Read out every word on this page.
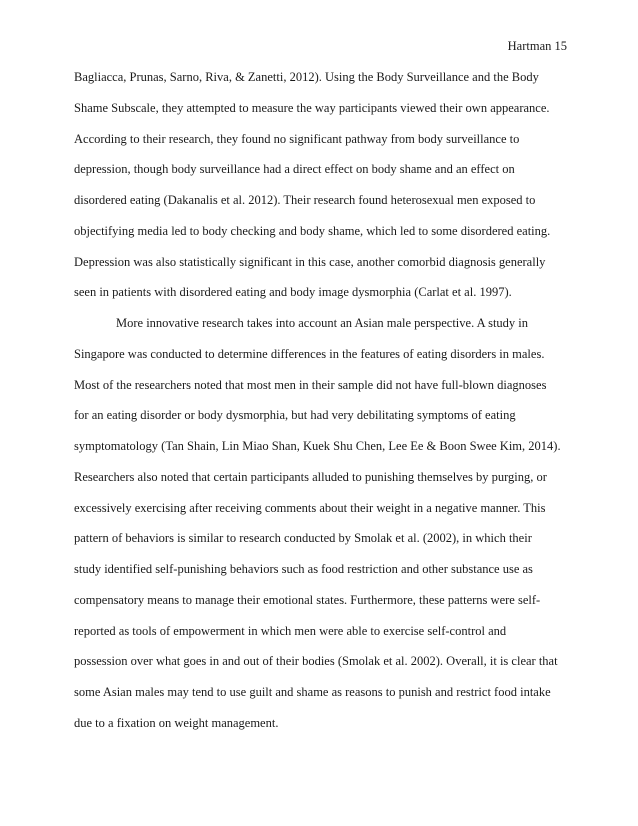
Hartman 15
Bagliacca, Prunas, Sarno, Riva, & Zanetti, 2012). Using the Body Surveillance and the Body
Shame Subscale, they attempted to measure the way participants viewed their own appearance.
According to their research, they found no significant pathway from body surveillance to
depression, though body surveillance had a direct effect on body shame and an effect on
disordered eating (Dakanalis et al. 2012). Their research found heterosexual men exposed to
objectifying media led to body checking and body shame, which led to some disordered eating.
Depression was also statistically significant in this case, another comorbid diagnosis generally
seen in patients with disordered eating and body image dysmorphia (Carlat et al. 1997).
More innovative research takes into account an Asian male perspective. A study in
Singapore was conducted to determine differences in the features of eating disorders in males.
Most of the researchers noted that most men in their sample did not have full-blown diagnoses
for an eating disorder or body dysmorphia, but had very debilitating symptoms of eating
symptomatology (Tan Shain, Lin Miao Shan, Kuek Shu Chen, Lee Ee & Boon Swee Kim, 2014).
Researchers also noted that certain participants alluded to punishing themselves by purging, or
excessively exercising after receiving comments about their weight in a negative manner. This
pattern of behaviors is similar to research conducted by Smolak et al. (2002), in which their
study identified self-punishing behaviors such as food restriction and other substance use as
compensatory means to manage their emotional states. Furthermore, these patterns were self-
reported as tools of empowerment in which men were able to exercise self-control and
possession over what goes in and out of their bodies (Smolak et al. 2002). Overall, it is clear that
some Asian males may tend to use guilt and shame as reasons to punish and restrict food intake
due to a fixation on weight management.
